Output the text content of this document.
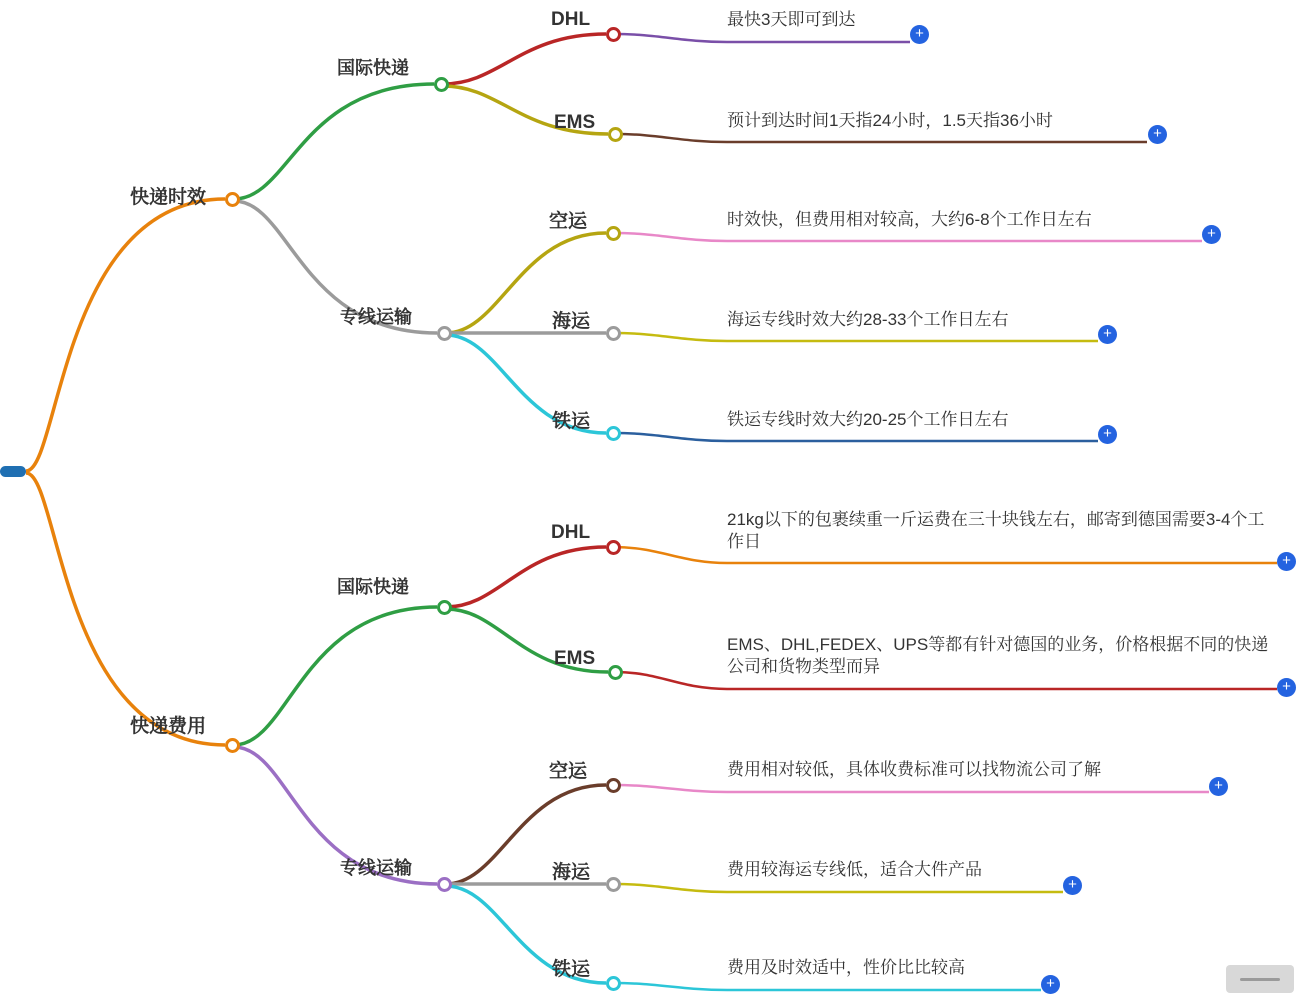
快递时效
国际快递
DHL	最快3天即可到达
+
EMS	预计到达时间1天指24小时，1.5天指36小时
+
专线运输
空运	时效快，但费用相对较高，大约6-8个工作日左右
+
海运	海运专线时效大约28-33个工作日左右
+
铁运	铁运专线时效大约20-25个工作日左右
+
快递费用
国际快递
DHL
21kg以下的包裹续重一斤运费在三十块钱左右，邮寄到德国需要3-4个工作日
+
EMS
EMS、DHL,FEDEX、UPS等都有针对德国的业务，价格根据不同的快递公司和货物类型而异
+
专线运输
空运	费用相对较低，具体收费标准可以找物流公司了解
+
海运	费用较海运专线低，适合大件产品
+
铁运	费用及时效适中，性价比比较高
+
